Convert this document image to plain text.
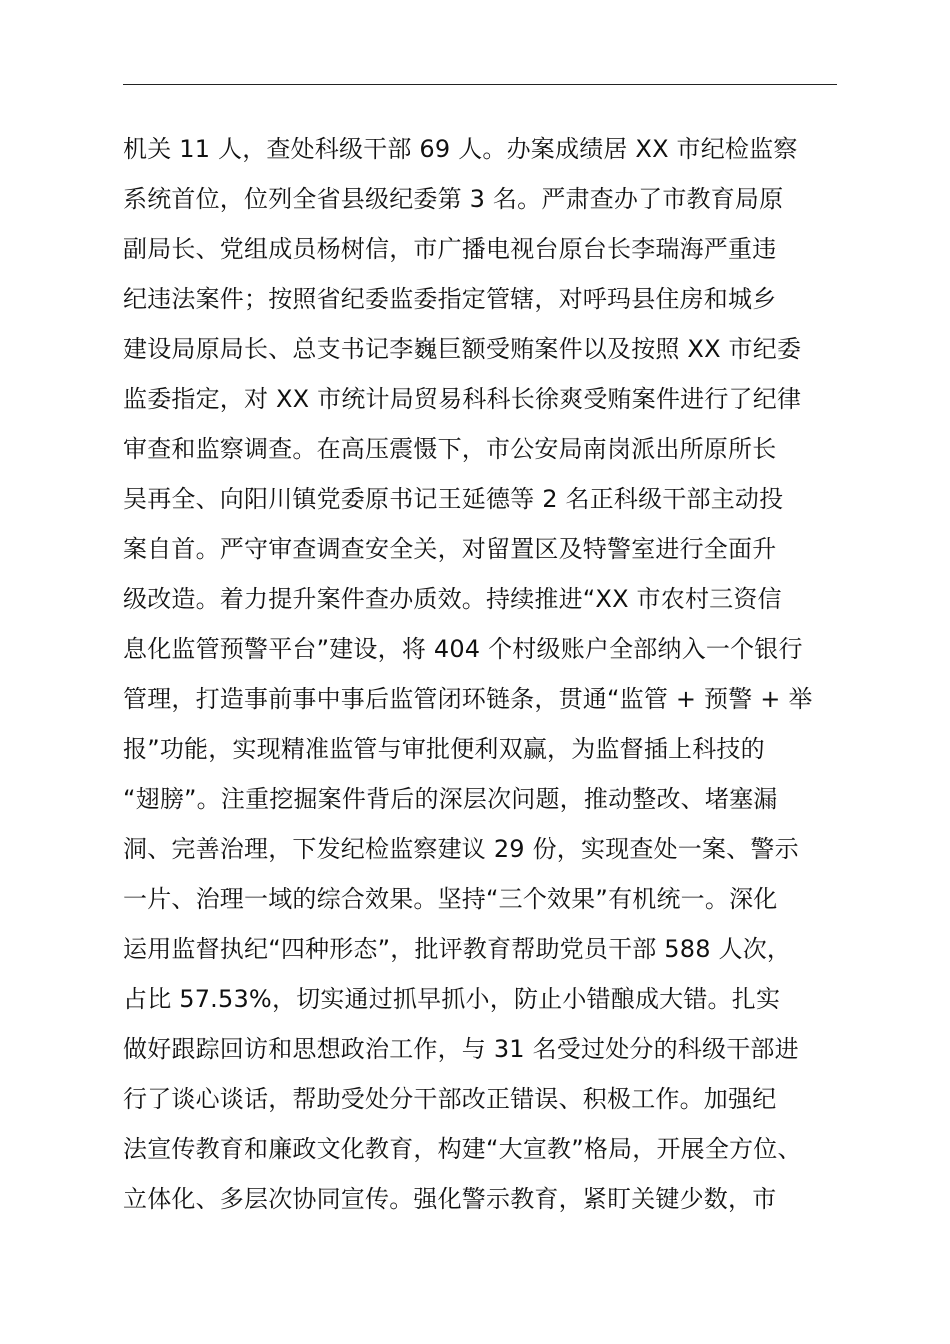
机关 11 人，查处科级干部 69 人。办案成绩居 XX 市纪检监察
系统首位，位列全省县级纪委第 3 名。严肃查办了市教育局原
副局长、党组成员杨树信，市广播电视台原台长李瑞海严重违
纪违法案件；按照省纪委监委指定管辖，对呼玛县住房和城乡
建设局原局长、总支书记李巍巨额受贿案件以及按照 XX 市纪委
监委指定，对 XX 市统计局贸易科科长徐爽受贿案件进行了纪律
审查和监察调查。在高压震慑下，市公安局南岗派出所原所长
吴再全、向阳川镇党委原书记王延德等 2 名正科级干部主动投
案自首。严守审查调查安全关，对留置区及特警室进行全面升
级改造。着力提升案件查办质效。持续推进“XX 市农村三资信
息化监管预警平台”建设，将 404 个村级账户全部纳入一个银行
管理，打造事前事中事后监管闭环链条，贯通“监管 + 预警 + 举
报”功能，实现精准监管与审批便利双赢，为监督插上科技的
“翅膀”。注重挖掘案件背后的深层次问题，推动整改、堵塞漏
洞、完善治理，下发纪检监察建议 29 份，实现查处一案、警示
一片、治理一域的综合效果。坚持“三个效果”有机统一。深化
运用监督执纪“四种形态”，批评教育帮助党员干部 588 人次，
占比 57.53%，切实通过抓早抓小，防止小错酿成大错。扎实
做好跟踪回访和思想政治工作，与 31 名受过处分的科级干部进
行了谈心谈话，帮助受处分干部改正错误、积极工作。加强纪
法宣传教育和廉政文化教育，构建“大宣教”格局，开展全方位、
立体化、多层次协同宣传。强化警示教育，紧盯关键少数，市
